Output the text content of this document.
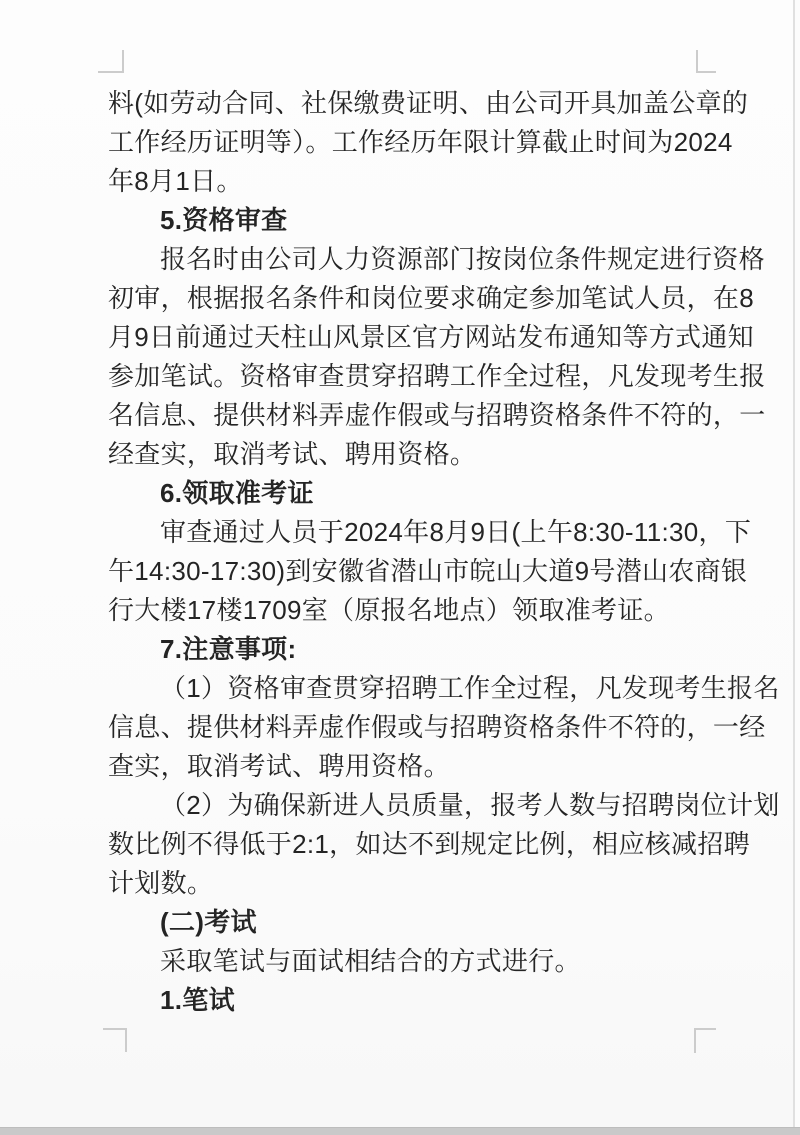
料(如劳动合同、社保缴费证明、由公司开具加盖公章的
工作经历证明等）。工作经历年限计算截止时间为2024
年8月1日。
5.资格审查
报名时由公司人力资源部门按岗位条件规定进行资格
初审，根据报名条件和岗位要求确定参加笔试人员，在8
月9日前通过天柱山风景区官方网站发布通知等方式通知
参加笔试。资格审查贯穿招聘工作全过程，凡发现考生报
名信息、提供材料弄虚作假或与招聘资格条件不符的，一
经查实，取消考试、聘用资格。
6.领取准考证
审查通过人员于2024年8月9日(上午8:30-11:30，下
午14:30-17:30)到安徽省潜山市皖山大道9号潜山农商银
行大楼17楼1709室（原报名地点）领取准考证。
7.注意事项:
（1）资格审查贯穿招聘工作全过程，凡发现考生报名
信息、提供材料弄虚作假或与招聘资格条件不符的，一经
查实，取消考试、聘用资格。
（2）为确保新进人员质量，报考人数与招聘岗位计划
数比例不得低于2:1，如达不到规定比例，相应核减招聘
计划数。
(二)考试
采取笔试与面试相结合的方式进行。
1.笔试
